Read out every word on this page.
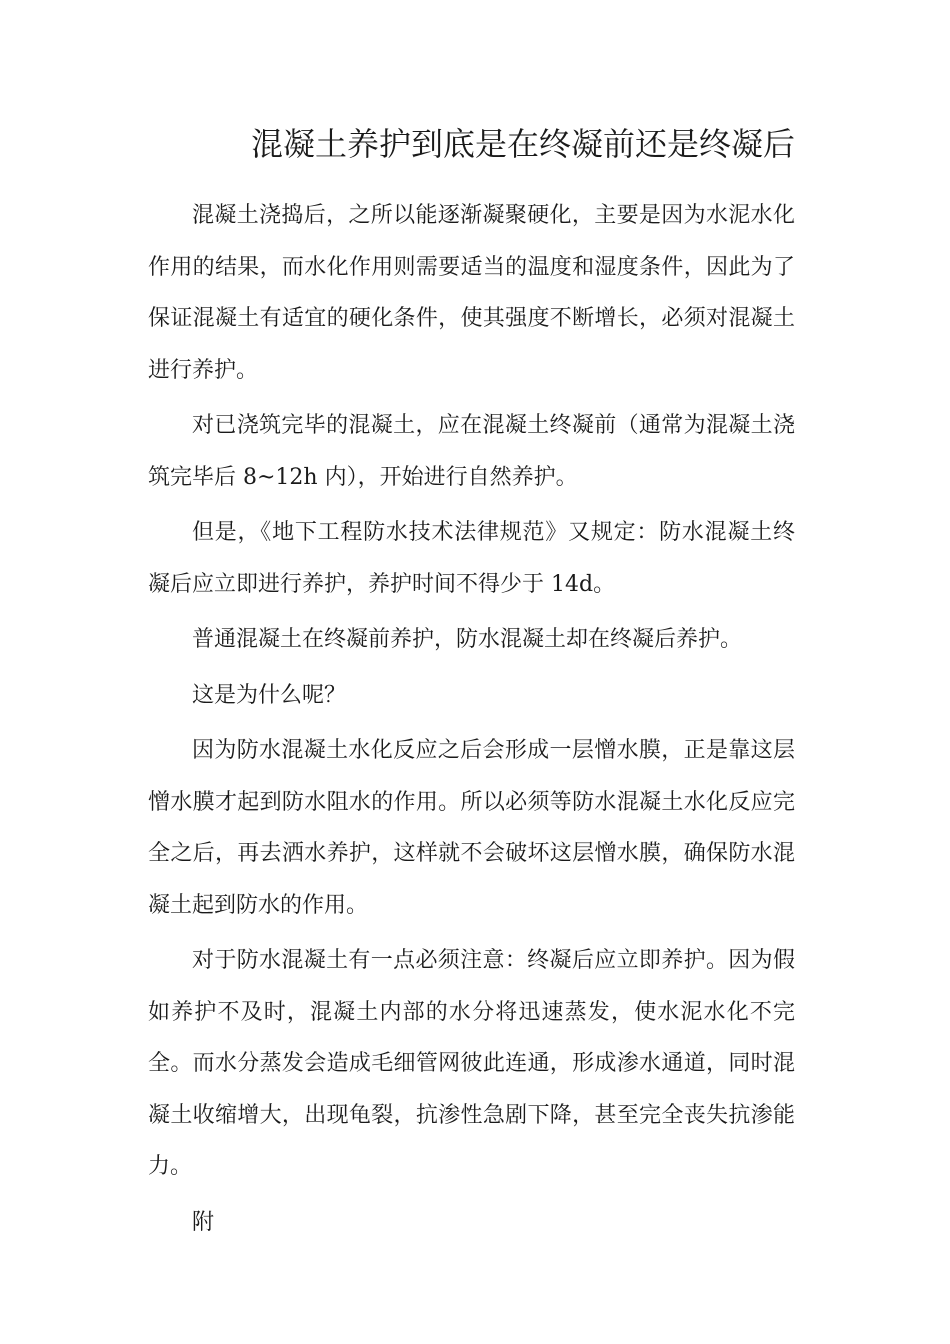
混凝土养护到底是在终凝前还是终凝后

混凝土浇捣后，之所以能逐渐凝聚硬化，主要是因为水泥水化作用的结果，而水化作用则需要适当的温度和湿度条件，因此为了保证混凝土有适宜的硬化条件，使其强度不断增长，必须对混凝土进行养护。

对已浇筑完毕的混凝土，应在混凝土终凝前（通常为混凝土浇筑完毕后 8~12h 内），开始进行自然养护。

但是，《地下工程防水技术法律规范》又规定：防水混凝土终凝后应立即进行养护，养护时间不得少于 14d。

普通混凝土在终凝前养护，防水混凝土却在终凝后养护。

这是为什么呢？

因为防水混凝土水化反应之后会形成一层憎水膜，正是靠这层憎水膜才起到防水阻水的作用。所以必须等防水混凝土水化反应完全之后，再去洒水养护，这样就不会破坏这层憎水膜，确保防水混凝土起到防水的作用。

对于防水混凝土有一点必须注意：终凝后应立即养护。因为假如养护不及时，混凝土内部的水分将迅速蒸发，使水泥水化不完全。而水分蒸发会造成毛细管网彼此连通，形成渗水通道，同时混凝土收缩增大，出现龟裂，抗渗性急剧下降，甚至完全丧失抗渗能力。

附
